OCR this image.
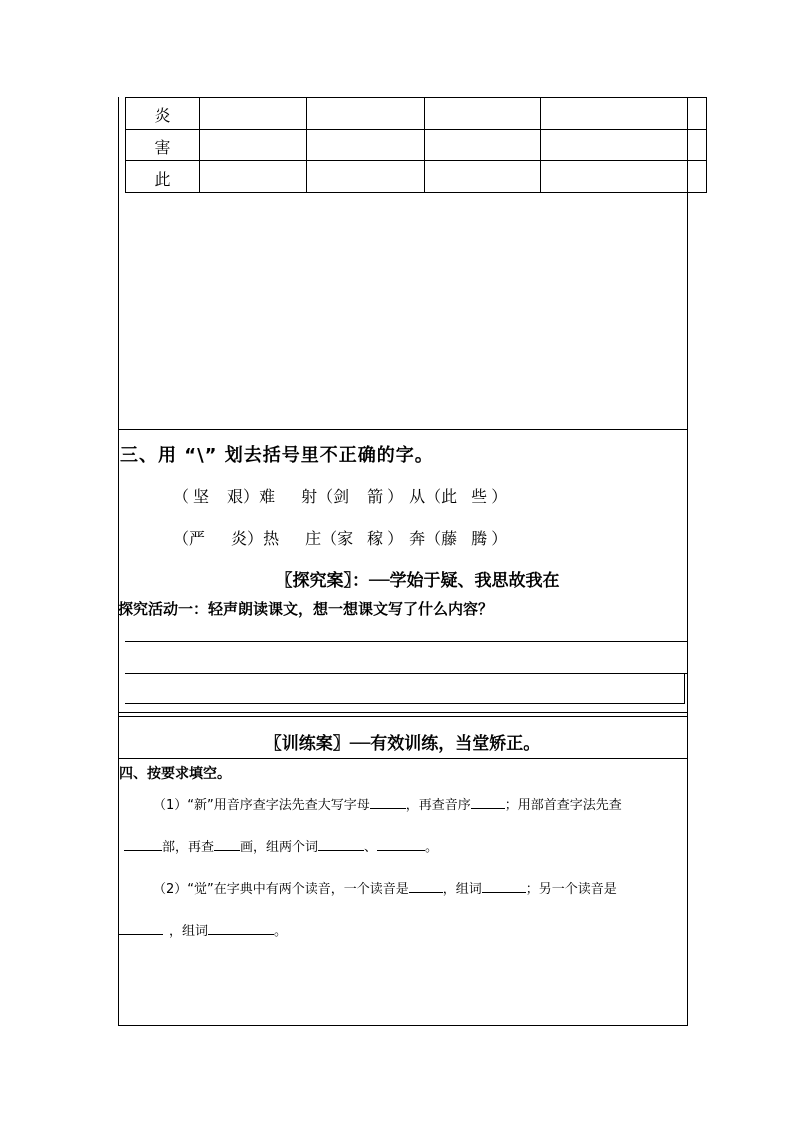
炎
害
此
三、用 “\” 划去括号里不正确的字。
（ 坚 艰）难 射（剑 箭 ） 从（此 些 ）
（严 炎）热 庄（家 稼 ） 奔（藤 腾 ）
〖探究案〗：──学始于疑、我思故我在
探究活动一：轻声朗读课文，想一想课文写了什么内容？
〖训练案〗──有效训练，当堂矫正。
四、按要求填空。
（1）“新”用音序查字法先查大写字母	，再查音序	；用部首查字法先查
部，再查 画，组两个词	、	。
（2）“觉”在字典中有两个读音，一个读音是	，组词	；另一个读音是
，组词	。
